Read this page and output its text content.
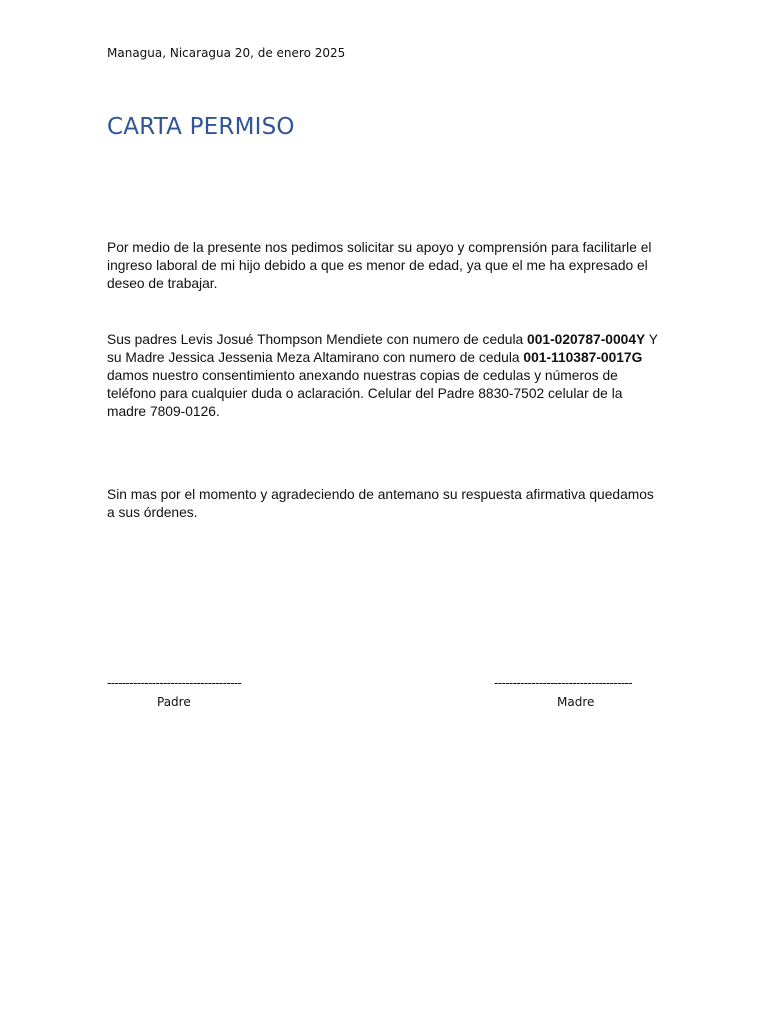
Managua, Nicaragua 20, de enero 2025
CARTA PERMISO

Por medio de la presente nos pedimos solicitar su apoyo y comprensión para facilitarle el ingreso laboral de mi hijo debido a que es menor de edad, ya que el me ha expresado el deseo de trabajar.

Sus padres Levis Josué Thompson Mendiete con numero de cedula 001-020787-0004Y Y su Madre Jessica Jessenia Meza Altamirano con numero de cedula 001-110387-0017G damos nuestro consentimiento anexando nuestras copias de cedulas y números de teléfono para cualquier duda o aclaración. Celular del Padre 8830-7502 celular de la madre 7809-0126.

Sin mas por el momento y agradeciendo de antemano su respuesta afirmativa quedamos a sus órdenes.

------------------------------------
Padre
-------------------------------------
Madre
